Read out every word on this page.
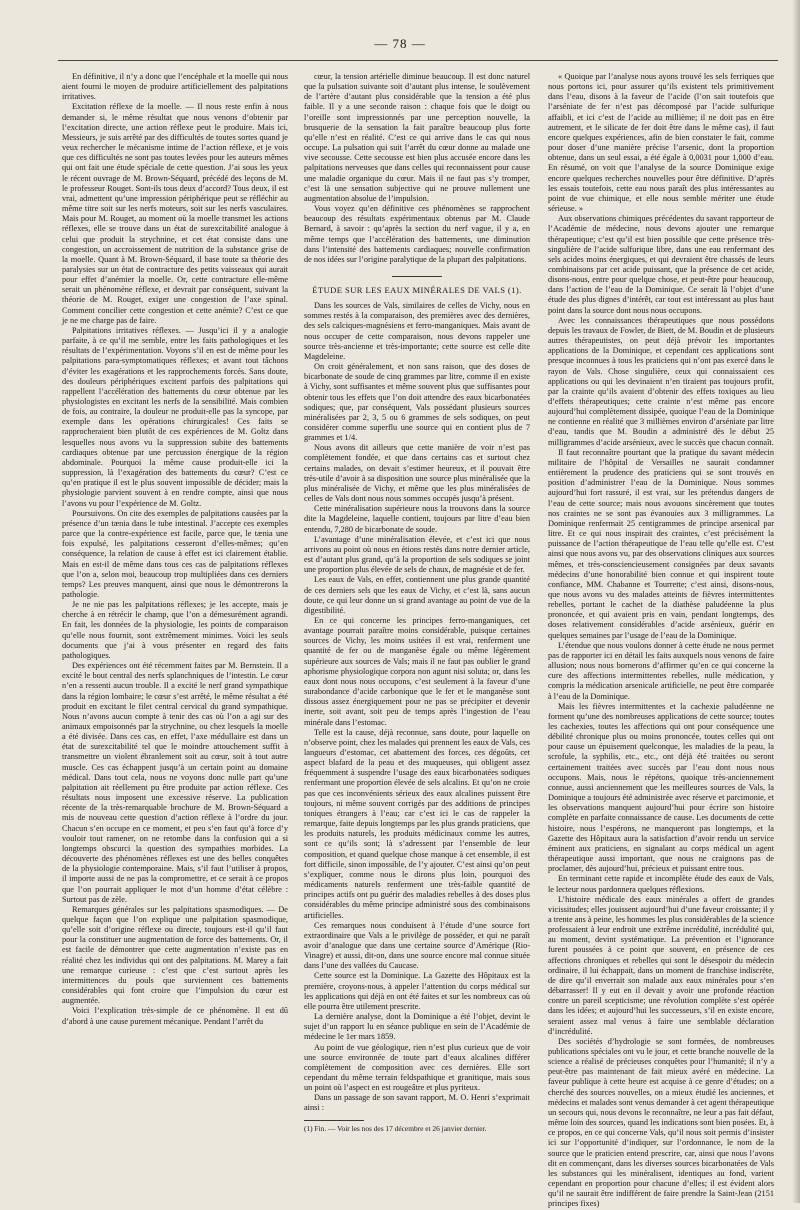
— 78 —

En définitive, il n’y a donc que l’encéphale et la moelle qui nous aient fourni le moyen de produire artificiellement des palpitations irritatives.

Excitation réflexe de la moelle. — Il nous reste enfin à nous demander si, le même résultat que nous venons d’obtenir par l’excitation directe, une action réflexe peut le produire. Mais ici, Messieurs, je suis arrêté par des difficultés de toutes sortes quand je veux rechercher le mécanisme intime de l’action réflexe, et je vois que ces difficultés ne sont pas toutes levées pour les auteurs mêmes qui ont fait une étude spéciale de cette question. J’ai sous les yeux le récent ouvrage de M. Brown-Séquard, précédé des leçons de M. le professeur Rouget. Sont-ils tous deux d’accord? Tous deux, il est vrai, admettent qu’une impression périphérique peut se réfléchir au même titre soit sur les nerfs moteurs, soit sur les nerfs vasculaires. Mais pour M. Rouget, au moment où la moelle transmet les actions réflexes, elle se trouve dans un état de surexcitabilité analogue à celui que produit la strychnine, et cet état consiste dans une congestion, un accroissement de nutrition de la substance grise de la moelle. Quant à M. Brown-Séquard, il base toute sa théorie des paralysies sur un état de contracture des petits vaisseaux qui aurait pour effet d’anémier la moelle. Or, cette contracture elle-même serait un phénomène réflexe, et devrait par conséquent, suivant la théorie de M. Rouget, exiger une congestion de l’axe spinal. Comment concilier cette congestion et cette anémie? C’est ce que je ne me charge pas de faire.

Palpitations irritatives réflexes. — Jusqu’ici il y a analogie parfaite, à ce qu’il me semble, entre les faits pathologiques et les résultats de l’expérimentation. Voyons s’il en est de même pour les palpitations para-symptomatiques réflexes; et avant tout tâchons d’éviter les exagérations et les rapprochements forcés. Sans doute, des douleurs périphériques excitent parfois des palpitations qui rappellent l’accélération des battements du cœur obtenue par les physiologistes en excitant les nerfs de la sensibilité. Mais combien de fois, au contraire, la douleur ne produit-elle pas la syncope, par exemple dans les opérations chirurgicales! Ces faits se rapprocheraient bien plutôt de ces expériences de M. Goltz dans lesquelles nous avons vu la suppression subite des battements cardiaques obtenue par une percussion énergique de la région abdominale. Pourquoi la même cause produit-elle ici la suppression, là l’exagération des battements du cœur? C’est ce qu’en pratique il est le plus souvent impossible de décider; mais la physiologie parvient souvent à en rendre compte, ainsi que nous l’avons vu pour l’expérience de M. Goltz.

Poursuivons. On cite des exemples de palpitations causées par la présence d’un tænia dans le tube intestinal. J’accepte ces exemples parce que la contre-expérience est facile, parce que, le tænia une fois expulsé, les palpitations cesseront d’elles-mêmes; qu’en conséquence, la relation de cause à effet est ici clairement établie. Mais en est-il de même dans tous ces cas de palpitations réflexes que l’on a, selon moi, beaucoup trop multipliées dans ces derniers temps? Les preuves manquent, ainsi que nous le démontrerons la pathologie.

Je ne nie pas les palpitations réflexes; je les accepte, mais je cherche à en rétrécir le champ, que l’on a démesurément agrandi. En fait, les données de la physiologie, les points de comparaison qu’elle nous fournit, sont extrêmement minimes. Voici les seuls documents que j’ai à vous présenter en regard des faits pathologiques.

Des expériences ont été récemment faites par M. Bernstein. Il a excité le bout central des nerfs splanchniques de l’intestin. Le cœur n’en a ressenti aucun trouble. Il a excité le nerf grand sympathique dans la région lombaire; le cœur s’est arrêté, le même résultat a été produit en excitant le filet central cervical du grand sympathique. Nous n’avons aucun compte à tenir des cas où l’on a agi sur des animaux empoisonnés par la strychnine, ou chez lesquels la moelle a été divisée. Dans ces cas, en effet, l’axe médullaire est dans un état de surexcitabilité tel que le moindre attouchement suffit à transmettre un violent ébranlement soit au cœur, soit à tout autre muscle. Ces cas échappent jusqu’à un certain point au domaine médical. Dans tout cela, nous ne voyons donc nulle part qu’une palpitation ait réellement pu être produite par action réflexe. Ces résultats nous imposent une excessive réserve. La publication récente de la très-remarquable brochure de M. Brown-Séquard a mis de nouveau cette question d’action réflexe à l’ordre du jour. Chacun s’en occupe en ce moment, et peu s’en faut qu’à force d’y vouloir tout ramener, on ne retombe dans la confusion qui a si longtemps obscurci la question des sympathies morbides. La découverte des phénomènes réflexes est une des belles conquêtes de la physiologie contemporaine. Mais, s’il faut l’utiliser à propos, il importe aussi de ne pas la compromettre, et ce serait à ce propos que l’on pourrait appliquer le mot d’un homme d’état célèbre : Surtout pas de zèle.

Remarques générales sur les palpitations spasmodiques. — De quelque façon que l’on explique une palpitation spasmodique, qu’elle soit d’origine réflexe ou directe, toujours est-il qu’il faut pour la constituer une augmentation de force des battements. Or, il est facile de démontrer que cette augmentation n’existe pas en réalité chez les individus qui ont des palpitations. M. Marey a fait une remarque curieuse : c’est que c’est surtout après les intermittences du pouls que surviennent ces battements considérables qui font croire que l’impulsion du cœur est augmentée.

Voici l’explication très-simple de ce phénomène. Il est dû d’abord à une cause purement mécanique. Pendant l’arrêt du

cœur, la tension artérielle diminue beaucoup. Il est donc naturel que la pulsation suivante soit d’autant plus intense, le soulèvement de l’artère d’autant plus considérable que la tension a été plus faible. Il y a une seconde raison : chaque fois que le doigt ou l’oreille sont impressionnés par une perception nouvelle, la brusquerie de la sensation la fait paraître beaucoup plus forte qu’elle n’est en réalité. C’est ce qui arrive dans le cas qui nous occupe. La pulsation qui suit l’arrêt du cœur donne au malade une vive secousse. Cette secousse est bien plus accusée encore dans les palpitations nerveuses que dans celles qui reconnaissent pour cause une maladie organique du cœur. Mais il ne faut pas s’y tromper, c’est là une sensation subjective qui ne prouve nullement une augmentation absolue de l’impulsion.

Vous voyez qu’en définitive ces phénomènes se rapprochent beaucoup des résultats expérimentaux obtenus par M. Claude Bernard, à savoir : qu’après la section du nerf vague, il y a, en même temps que l’accélération des battements, une diminution dans l’intensité des battements cardiaques; nouvelle confirmation de nos idées sur l’origine paralytique de la plupart des palpitations.

ÉTUDE SUR LES EAUX MINÉRALES DE VALS (1).

Dans les sources de Vals, similaires de celles de Vichy, nous en sommes restés à la comparaison, des premières avec des dernières, des sels calciques-magnésiens et ferro-manganiques. Mais avant de nous occuper de cette comparaison, nous devons rappeler une source très-ancienne et très-importante; cette source est celle dite Magdeleine.

On croit généralement, et non sans raison, que des doses de bicarbonate de soude de cinq grammes par litre, comme il en existe à Vichy, sont suffisantes et même souvent plus que suffisantes pour obtenir tous les effets que l’on doit attendre des eaux bicarbonatées sodiques; que, par conséquent, Vals possédant plusieurs sources minéralisées par 2, 3, 5 ou 6 grammes de sels sodiques, on peut considérer comme superflu une source qui en contient plus de 7 grammes et 1/4.

Nous avons dit ailleurs que cette manière de voir n’est pas complètement fondée, et que dans certains cas et surtout chez certains malades, on devait s’estimer heureux, et il pouvait être très-utile d’avoir à sa disposition une source plus minéralisée que la plus minéralisée de Vichy, et même que les plus minéralisées de celles de Vals dont nous nous sommes occupés jusqu’à présent.

Cette minéralisation supérieure nous la trouvons dans la source dite la Magdeleine, laquelle contient, toujours par litre d’eau bien entendu, 7,280 de bicarbonate de soude.

L’avantage d’une minéralisation élevée, et c’est ici que nous arrivons au point où nous en étions restés dans notre dernier article, est d’autant plus grand, qu’à la proportion de sels sodiques se joint une proportion plus élevée de sels de chaux, de magnésie et de fer.

Les eaux de Vals, en effet, contiennent une plus grande quantité de ces derniers sels que les eaux de Vichy, et c’est là, sans aucun doute, ce qui leur donne un si grand avantage au point de vue de la digestibilité.

En ce qui concerne les principes ferro-manganiques, cet avantage pourrait paraître moins considérable, puisque certaines sources de Vichy, les moins usitées il est vrai, renferment une quantité de fer ou de manganèse égale ou même légèrement supérieure aux sources de Vals; mais il ne faut pas oublier le grand aphorisme physiologique corpora non agunt nisi soluta; or, dans les eaux dont nous nous occupons, c’est seulement à la faveur d’une surabondance d’acide carbonique que le fer et le manganèse sont dissous assez énergiquement pour ne pas se précipiter et devenir inerte, soit avant, soit peu de temps après l’ingestion de l’eau minérale dans l’estomac.

Telle est la cause, déjà reconnue, sans doute, pour laquelle on n’observe point, chez les malades qui prennent les eaux de Vals, ces langueurs d’estomac, cet abattement des forces, ces dégoûts, cet aspect blafard de la peau et des muqueuses, qui obligent assez fréquemment à suspendre l’usage des eaux bicarbonatées sodiques renfermant une proportion élevée de sels alcalins. Et qu’on ne croie pas que ces inconvénients sérieux des eaux alcalines puissent être toujours, ni même souvent corrigés par des additions de principes toniques étrangers à l’eau; car c’est ici le cas de rappeler la remarque, faite depuis longtemps par les plus grands praticiens, que les produits naturels, les produits médicinaux comme les autres, sont ce qu’ils sont; là s’adressent par l’ensemble de leur composition, et quand quelque chose manque à cet ensemble, il est fort difficile, sinon impossible, de l’y ajouter. C’est ainsi qu’on peut s’expliquer, comme nous le dirons plus loin, pourquoi des médicaments naturels renferment une très-faible quantité de principes actifs ont pu guérir des maladies rebelles à des doses plus considérables du même principe administré sous des combinaisons artificielles.

Ces remarques nous conduisent à l’étude d’une source fort extraordinaire que Vals a le privilège de posséder, et qui ne paraît avoir d’analogue que dans une certaine source d’Amérique (Rio-Vinagre) et aussi, dit-on, dans une source encore mal connue située dans l’une des vallées du Caucase.

Cette source est la Dominique. La Gazette des Hôpitaux est la première, croyons-nous, à appeler l’attention du corps médical sur les applications qui déjà en ont été faites et sur les nombreux cas où elle pourra être utilement prescrite.

La dernière analyse, dont la Dominique a été l’objet, devint le sujet d’un rapport lu en séance publique en sein de l’Académie de médecine le 1er mars 1859.

Au point de vue géologique, rien n’est plus curieux que de voir une source environnée de toute part d’eaux alcalines différer complètement de composition avec ces dernières. Elle sort cependant du même terrain feldspathique et granitique, mais sous un point où l’aspect en est rougeâtre et plus pyriteux.

Dans un passage de son savant rapport, M. O. Henri s’exprimait ainsi :

(1) Fin. — Voir les nos des 17 décembre et 26 janvier dernier.

« Quoique par l’analyse nous ayons trouvé les sels ferriques que nous portons ici, pour assurer qu’ils existent tels primitivement dans l’eau, disons à la faveur de l’acide (l’on sait toutefois que l’arséniate de fer n’est pas décomposé par l’acide sulfurique affaibli, et ici c’est de l’acide au millième; il ne doit pas en être autrement, et le silicate de fer doit être dans le même cas), il faut encore quelques expériences, afin de bien constater le fait, comme pour doser d’une manière précise l’arsenic, dont la proportion obtenue, dans un seul essai, a été égale à 0,0031 pour 1,000 d’eau. En résumé, on voit que l’analyse de la source Dominique exige encore quelques recherches nouvelles pour être définitive. D’après les essais toutefois, cette eau nous paraît des plus intéressantes au point de vue chimique, et elle nous semble mériter une étude sérieuse. »

Aux observations chimiques précédentes du savant rapporteur de l’Académie de médecine, nous devons ajouter une remarque thérapeutique; c’est qu’il est bien possible que cette présence très-singulière de l’acide sulfurique libre, dans une eau renfermant des sels acides moins énergiques, et qui devraient être chassés de leurs combinaisons par cet acide puissant, que la présence de cet acide, disons-nous, entre pour quelque chose, et peut-être pour beaucoup, dans l’action de l’eau de la Dominique. Ce serait là l’objet d’une étude des plus dignes d’intérêt, car tout est intéressant au plus haut point dans la source dont nous nous occupons.

Avec les connaissances thérapeutiques que nous possédons depuis les travaux de Fowler, de Biett, de M. Boudin et de plusieurs autres thérapeutistes, on peut déjà prévoir les importantes applications de la Dominique, et cependant ces applications sont presque inconnues à tous les praticiens qui n’ont pas exercé dans le rayon de Vals. Chose singulière, ceux qui connaissaient ces applications ou qui les devinaient n’en tiraient pas toujours profit, par la crainte qu’ils avaient d’obtenir des effets toxiques au lieu d’effets thérapeutiques; cette crainte n’est même pas encore aujourd’hui complètement dissipée, quoique l’eau de la Dominique ne contienne en réalité que 3 millièmes environ d’arséniate par litre d’eau, tandis que M. Boudin a administré dès le début 25 milligrammes d’acide arsénieux, avec le succès que chacun connaît.

Il faut reconnaître pourtant que la pratique du savant médecin militaire de l’hôpital de Versailles ne saurait condamner entièrement la prudence des praticiens qui se sont trouvés en position d’administrer l’eau de la Dominique. Nous sommes aujourd’hui fort rassuré, il est vrai, sur les prétendus dangers de l’eau de cette source; mais nous avouons sincèrement que toutes nos craintes ne se sont pas évanouies aux 3 milligrammes. La Dominique renfermait 25 centigrammes de principe arsenical par litre. Et ce qui nous inspirait des craintes, c’est précisément la puissance de l’action thérapeutique de l’eau telle qu’elle est. C’est ainsi que nous avons vu, par des observations cliniques aux sources mêmes, et très-consciencieusement consignées par deux savants médecins d’une honorabilité bien connue et qui inspirent toute confiance, MM. Chabanne et Tourrette; c’est ainsi, disons-nous, que nous avons vu des malades atteints de fièvres intermittentes rebelles, portant le cachet de la diathèse paludéenne la plus prononcée, et qui avaient pris en vain, pendant longtemps, des doses relativement considérables d’acide arsénieux, guérir en quelques semaines par l’usage de l’eau de la Dominique.

L’étendue que nous voulons donner à cette étude ne nous permet pas de rapporter ici en détail les faits auxquels nous venons de faire allusion; nous nous bornerons d’affirmer qu’en ce qui concerne la cure des affections intermittentes rebelles, nulle médication, y compris la médication arsenicale artificielle, ne peut être comparée à l’eau de la Dominique.

Mais les fièvres intermittentes et la cachexie paludéenne ne forment qu’une des nombreuses applications de cette source; toutes les cachexies, toutes les affections qui ont pour conséquence une débilité chronique plus ou moins prononcée, toutes celles qui ont pour cause un épuisement quelconque, les maladies de la peau, la scrofule, la syphilis, etc., etc., ont déjà été traitées ou seront certainement traitées avec succès par l’eau dont nous nous occupons. Mais, nous le répétons, quoique très-anciennement connue, aussi anciennement que les meilleures sources de Vals, la Dominique a toujours été administrée avec réserve et parcimonie, et les observations manquent aujourd’hui pour écrire son histoire complète en parfaite connaissance de cause. Les documents de cette histoire, nous l’espérons, ne manqueront pas longtemps, et la Gazette des Hôpitaux aura la satisfaction d’avoir rendu un service éminent aux praticiens, en signalant au corps médical un agent thérapeutique aussi important, que nous ne craignons pas de proclamer, dès aujourd’hui, précieux et puissant entre tous.

En terminant cette rapide et incomplète étude des eaux de Vals, le lecteur nous pardonnera quelques réflexions.

L’histoire médicale des eaux minérales a offert de grandes vicissitudes; elles jouissent aujourd’hui d’une faveur croissante; il y a trente ans à peine, les hommes les plus considérables de la science professaient à leur endroit une extrême incrédulité, incrédulité qui, au moment, devint systématique. La prévention et l’ignorance furent poussées à ce point que souvent, en présence de ces affections chroniques et rebelles qui sont le désespoir du médecin ordinaire, il lui échappait, dans un moment de franchise indiscrète, de dire qu’il enverrait son malade aux eaux minérales pour s’en débarrasser! Il y eut en il devait y avoir une profonde réaction contre un pareil scepticisme; une révolution complète s’est opérée dans les idées; et aujourd’hui les successeurs, s’il en existe encore, seraient assez mal venus à faire une semblable déclaration d’incrédulité.

Des sociétés d’hydrologie se sont formées, de nombreuses publications spéciales ont vu le jour, et cette branche nouvelle de la science a réalisé de précieuses conquêtes pour l’humanité; il n’y a peut-être pas maintenant de fait mieux avéré en médecine. La faveur publique à cette heure est acquise à ce genre d’études; on a cherché des sources nouvelles, on a mieux étudié les anciennes, et médecins et malades sont venus demander à cet agent thérapeutique un secours qui, nous devons le reconnaître, ne leur a pas fait défaut, même loin des sources, quand les indications sont bien posées. Et, à ce propos, en ce qui concerne Vals, qu’il nous soit permis d’insister ici sur l’opportunité d’indiquer, sur l’ordonnance, le nom de la source que le praticien entend prescrire, car, ainsi que nous l’avons dit en commençant, dans les diverses sources bicarbonatées de Vals les substances qui les minéralisent, identiques au fond, varient cependant en proportion pour chacune d’elles; il est évident alors qu’il ne saurait être indifférent de faire prendre la Saint-Jean (2151 principes fixes)
